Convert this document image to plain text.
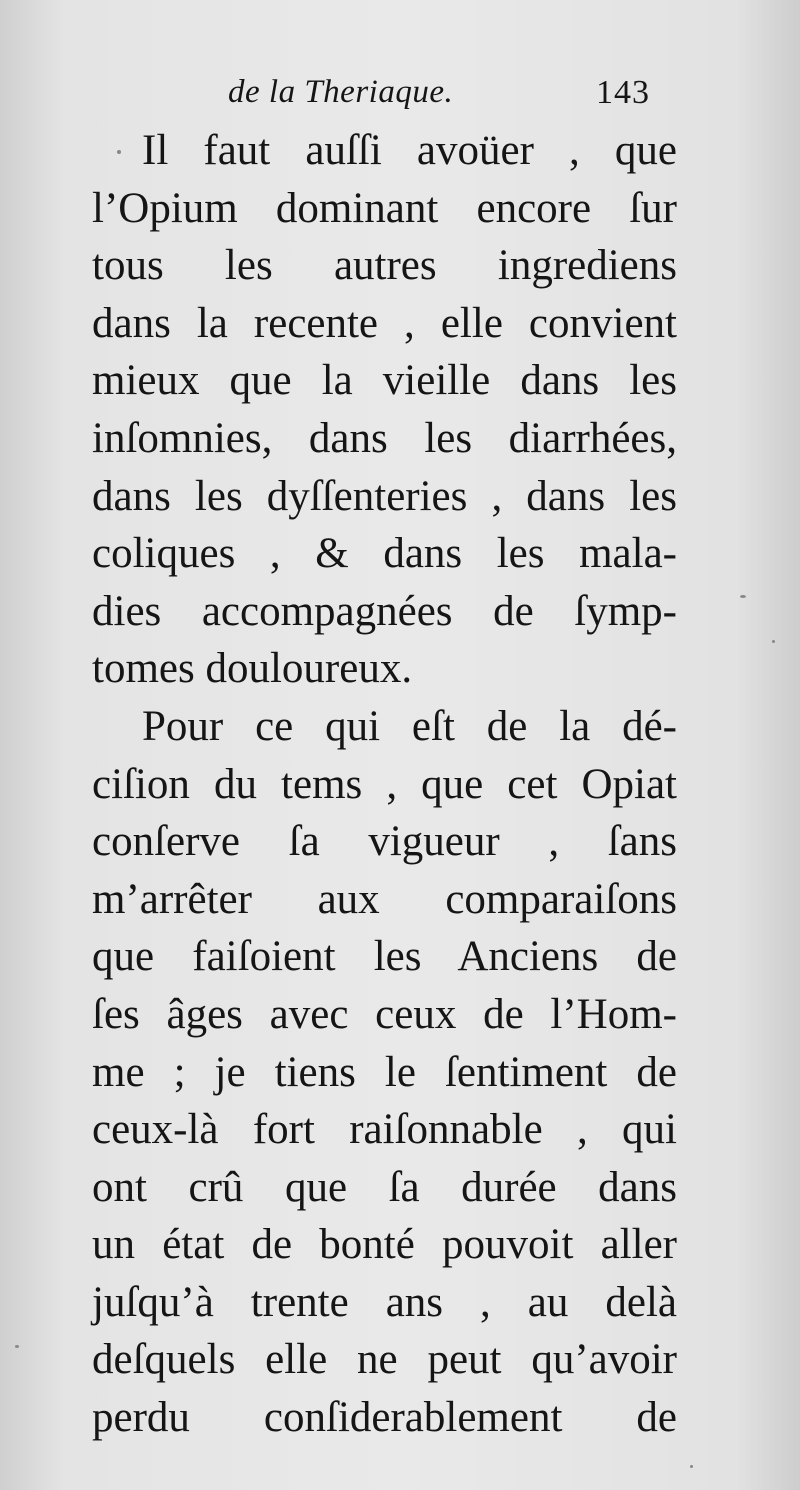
de la Theriaque.	143
Il faut auſſi avoüer , que
l’Opium dominant encore ſur
tous les autres ingrediens
dans la recente , elle convient
mieux que la vieille dans les
inſomnies, dans les diarrhées,
dans les dyſſenteries , dans les
coliques , & dans les mala-
dies accompagnées de ſymp-
tomes douloureux.
Pour ce qui eſt de la dé-
ciſion du tems , que cet Opiat
conſerve ſa vigueur , ſans
m’arrêter aux comparaiſons
que faiſoient les Anciens de
ſes âges avec ceux de l’Hom-
me ; je tiens le ſentiment de
ceux-là fort raiſonnable , qui
ont crû que ſa durée dans
un état de bonté pouvoit aller
juſqu’à trente ans , au delà
deſquels elle ne peut qu’avoir
perdu conſiderablement de
